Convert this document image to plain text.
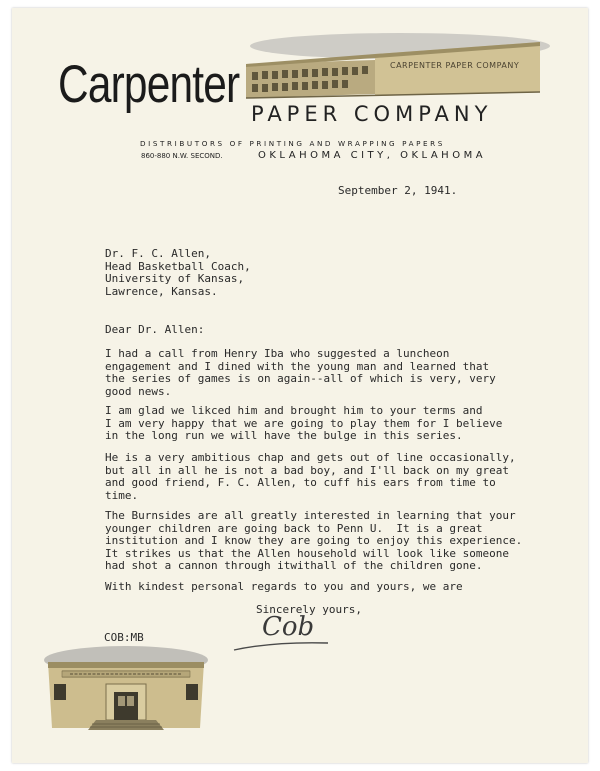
CARPENTER PAPER COMPANY
Carpenter PAPER COMPANY
DISTRIBUTORS OF PRINTING AND WRAPPING PAPERS
860-880 N.W. SECOND.	OKLAHOMA CITY, OKLAHOMA
September 2, 1941.
Dr. F. C. Allen,
Head Basketball Coach,
University of Kansas,
Lawrence, Kansas.
Dear Dr. Allen:
I had a call from Henry Iba who suggested a luncheon
engagement and I dined with the young man and learned that
the series of games is on again--all of which is very, very
good news.
I am glad we likced him and brought him to your terms and
I am very happy that we are going to play them for I believe
in the long run we will have the bulge in this series.
He is a very ambitious chap and gets out of line occasionally,
but all in all he is not a bad boy, and I'll back on my great
and good friend, F. C. Allen, to cuff his ears from time to
time.
The Burnsides are all greatly interested in learning that your
younger children are going back to Penn U.  It is a great
institution and I know they are going to enjoy this experience.
It strikes us that the Allen household will look like someone
had shot a cannon through itwithall of the children gone.
With kindest personal regards to you and yours, we are
Sincerely yours,
Cob
COB:MB
